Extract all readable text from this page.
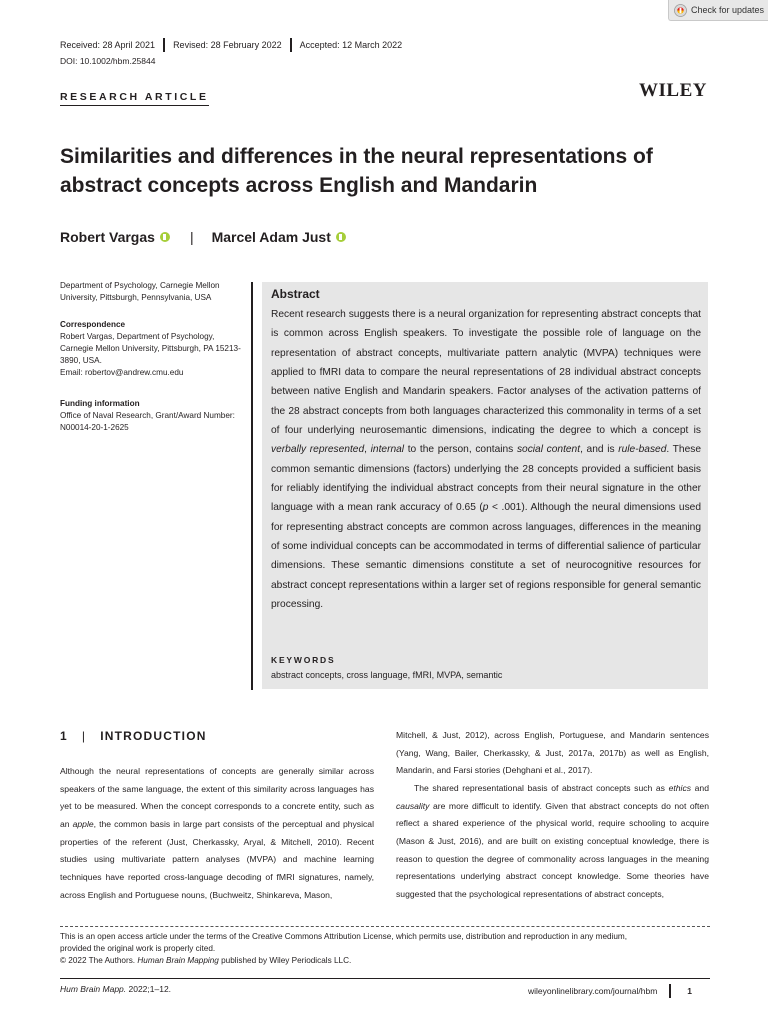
Check for updates
Received: 28 April 2021 Revised: 28 February 2022 Accepted: 12 March 2022
DOI: 10.1002/hbm.25844
RESEARCH ARTICLE	WILEY
Similarities and differences in the neural representations of
abstract concepts across English and Mandarin
Robert Vargas	| Marcel Adam Just
Department of Psychology, Carnegie Mellon University, Pittsburgh, Pennsylvania, USA
Correspondence
Robert Vargas, Department of Psychology, Carnegie Mellon University, Pittsburgh, PA 15213-3890, USA.
Email: robertov@andrew.cmu.edu
Funding information
Office of Naval Research, Grant/Award Number: N00014-20-1-2625
Abstract
Recent research suggests there is a neural organization for representing abstract concepts that is common across English speakers. To investigate the possible role of language on the representation of abstract concepts, multivariate pattern analytic (MVPA) techniques were applied to fMRI data to compare the neural representations of 28 individual abstract concepts between native English and Mandarin speakers. Factor analyses of the activation patterns of the 28 abstract concepts from both languages characterized this commonality in terms of a set of four underlying neurosemantic dimensions, indicating the degree to which a concept is verbally represented, internal to the person, contains social content, and is rule-based. These common semantic dimensions (factors) underlying the 28 concepts provided a sufficient basis for reliably identifying the individual abstract concepts from their neural signature in the other language with a mean rank accuracy of 0.65 (p < .001). Although the neural dimensions used for representing abstract concepts are common across languages, differences in the meaning of some individual concepts can be accommodated in terms of differential salience of particular dimensions. These semantic dimensions constitute a set of neurocognitive resources for abstract concept representations within a larger set of regions responsible for general semantic processing.
KEYWORDS
abstract concepts, cross language, fMRI, MVPA, semantic
1 | INTRODUCTION

Although the neural representations of concepts are generally similar across speakers of the same language, the extent of this similarity across languages has yet to be measured. When the concept corresponds to a concrete entity, such as an apple, the common basis in large part consists of the perceptual and physical properties of the referent (Just, Cherkassky, Aryal, & Mitchell, 2010). Recent studies using multivariate pattern analyses (MVPA) and machine learning techniques have reported cross-language decoding of fMRI signatures, namely, across English and Portuguese nouns, (Buchweitz, Shinkareva, Mason,

Mitchell, & Just, 2012), across English, Portuguese, and Mandarin sentences (Yang, Wang, Bailer, Cherkassky, & Just, 2017a, 2017b) as well as English, Mandarin, and Farsi stories (Dehghani et al., 2017).

The shared representational basis of abstract concepts such as ethics and causality are more difficult to identify. Given that abstract concepts do not often reflect a shared experience of the physical world, require schooling to acquire (Mason & Just, 2016), and are built on existing conceptual knowledge, there is reason to question the degree of commonality across languages in the meaning representations underlying abstract concept knowledge. Some theories have suggested that the psychological representations of abstract concepts,

This is an open access article under the terms of the Creative Commons Attribution License, which permits use, distribution and reproduction in any medium,
provided the original work is properly cited.
© 2022 The Authors. Human Brain Mapping published by Wiley Periodicals LLC.
Hum Brain Mapp. 2022;1–12.	wileyonlinelibrary.com/journal/hbm	1
